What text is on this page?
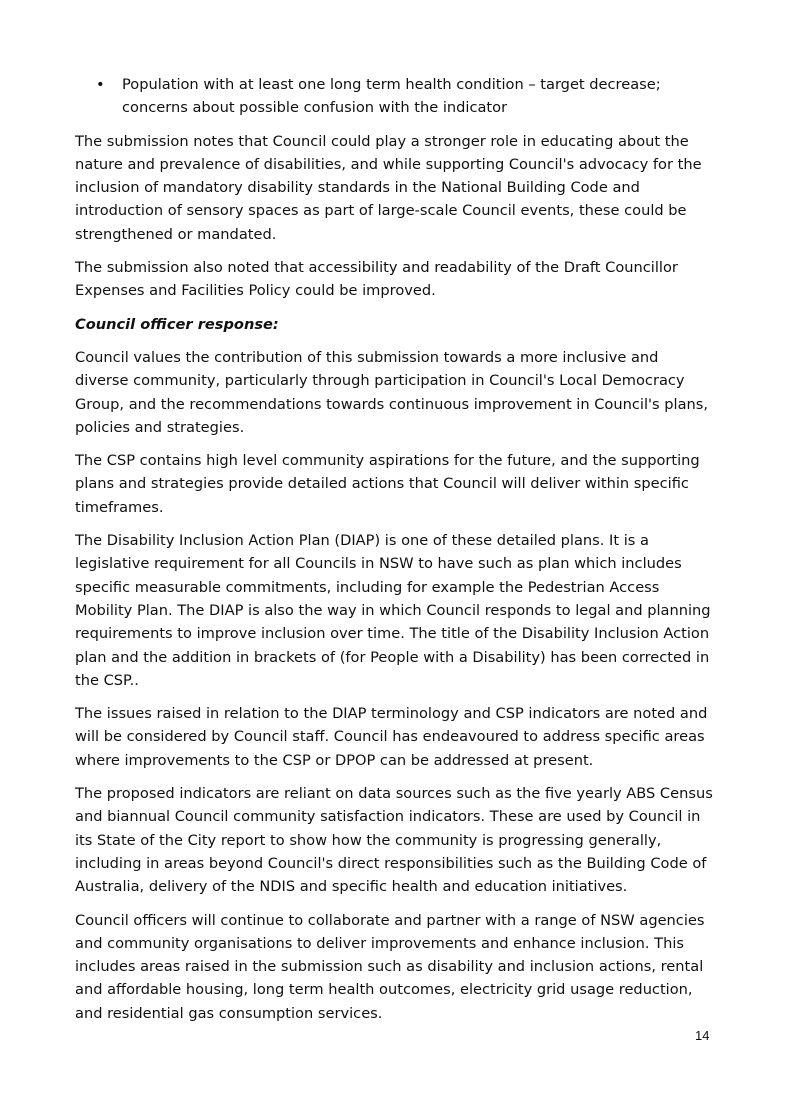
• Population with at least one long term health condition – target decrease; concerns about possible confusion with the indicator

The submission notes that Council could play a stronger role in educating about the nature and prevalence of disabilities, and while supporting Council's advocacy for the inclusion of mandatory disability standards in the National Building Code and introduction of sensory spaces as part of large-scale Council events, these could be strengthened or mandated.

The submission also noted that accessibility and readability of the Draft Councillor Expenses and Facilities Policy could be improved.

Council officer response:

Council values the contribution of this submission towards a more inclusive and diverse community, particularly through participation in Council's Local Democracy Group, and the recommendations towards continuous improvement in Council's plans, policies and strategies.

The CSP contains high level community aspirations for the future, and the supporting plans and strategies provide detailed actions that Council will deliver within specific timeframes.

The Disability Inclusion Action Plan (DIAP) is one of these detailed plans. It is a legislative requirement for all Councils in NSW to have such as plan which includes specific measurable commitments, including for example the Pedestrian Access Mobility Plan. The DIAP is also the way in which Council responds to legal and planning requirements to improve inclusion over time. The title of the Disability Inclusion Action plan and the addition in brackets of (for People with a Disability) has been corrected in the CSP..

The issues raised in relation to the DIAP terminology and CSP indicators are noted and will be considered by Council staff. Council has endeavoured to address specific areas where improvements to the CSP or DPOP can be addressed at present.

The proposed indicators are reliant on data sources such as the five yearly ABS Census and biannual Council community satisfaction indicators. These are used by Council in its State of the City report to show how the community is progressing generally, including in areas beyond Council's direct responsibilities such as the Building Code of Australia, delivery of the NDIS and specific health and education initiatives.

Council officers will continue to collaborate and partner with a range of NSW agencies and community organisations to deliver improvements and enhance inclusion. This includes areas raised in the submission such as disability and inclusion actions, rental and affordable housing, long term health outcomes, electricity grid usage reduction, and residential gas consumption services.

14
